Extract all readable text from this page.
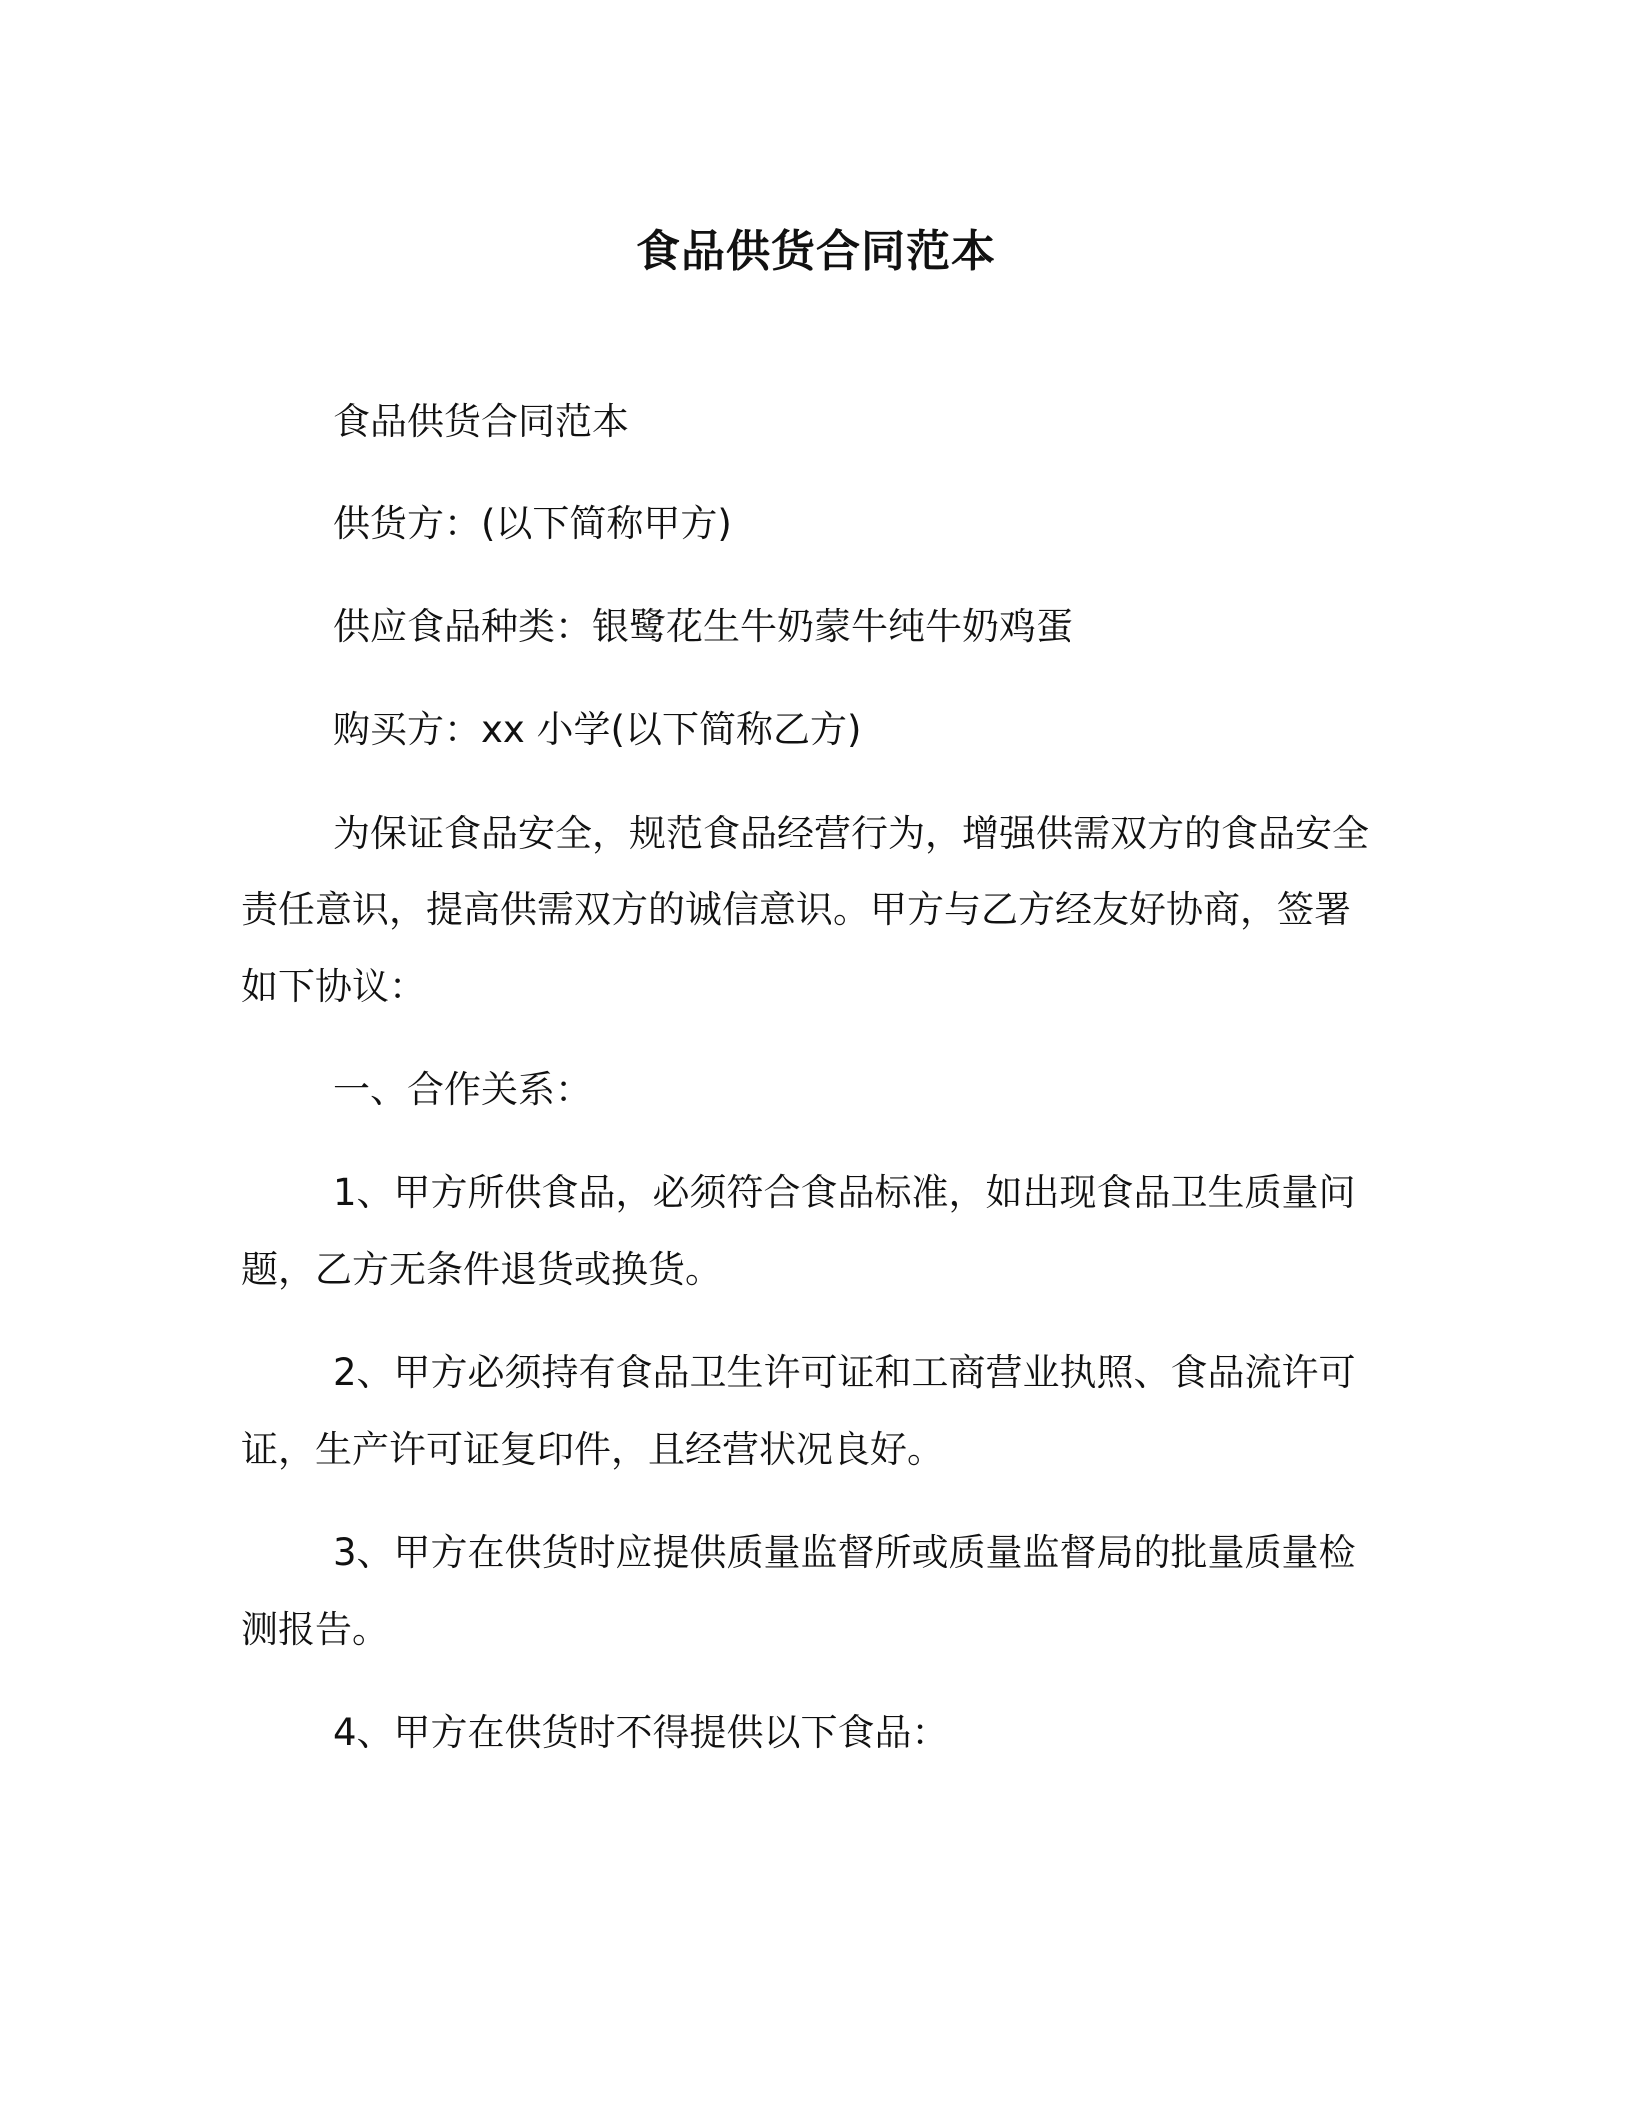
食品供货合同范本
食品供货合同范本
供货方：(以下简称甲方)
供应食品种类：银鹭花生牛奶蒙牛纯牛奶鸡蛋
购买方：xx 小学(以下简称乙方)
为保证食品安全，规范食品经营行为，增强供需双方的食品安全
责任意识，提高供需双方的诚信意识。甲方与乙方经友好协商，签署
如下协议：
一、合作关系：
1、甲方所供食品，必须符合食品标准，如出现食品卫生质量问
题，乙方无条件退货或换货。
2、甲方必须持有食品卫生许可证和工商营业执照、食品流许可
证，生产许可证复印件，且经营状况良好。
3、甲方在供货时应提供质量监督所或质量监督局的批量质量检
测报告。
4、甲方在供货时不得提供以下食品：
